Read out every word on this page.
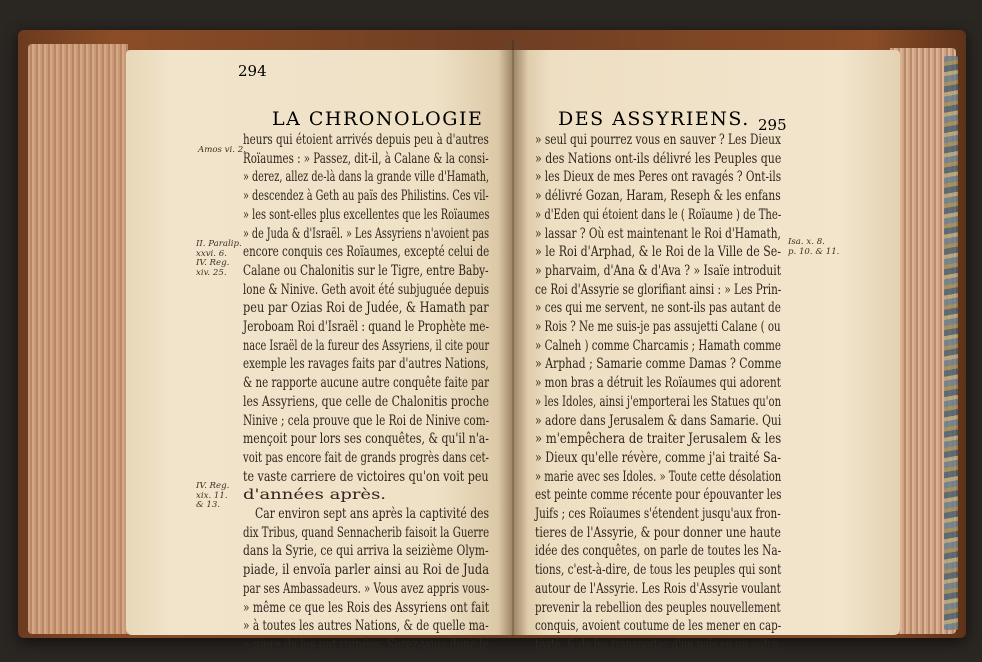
294
LA CHRONOLOGIE	DES ASSYRIENS. 295
Amos vi. 2.
II. Paralip.
xxvi. 6.
IV. Reg.
xiv. 25.
IV. Reg.
xix. 11.
& 13.
Isa. x. 8.
p. 10. & 11.
heurs qui étoient arrivés depuis peu à d'autres
Roïaumes : » Passez, dit-il, à Calane & la consi-
» derez, allez de-là dans la grande ville d'Hamath,
» descendez à Geth au païs des Philistins. Ces vil-
» les sont-elles plus excellentes que les Roïaumes
» de Juda & d'Israël. » Les Assyriens n'avoient pas
encore conquis ces Roïaumes, excepté celui de
Calane ou Chalonitis sur le Tigre, entre Baby-
lone & Ninive. Geth avoit été subjuguée depuis
peu par Ozias Roi de Judée, & Hamath par
Jeroboam Roi d'Israël : quand le Prophète me-
nace Israël de la fureur des Assyriens, il cite pour
exemple les ravages faits par d'autres Nations,
& ne rapporte aucune autre conquête faite par
les Assyriens, que celle de Chalonitis proche
Ninive ; cela prouve que le Roi de Ninive com-
mençoit pour lors ses conquêtes, & qu'il n'a-
voit pas encore fait de grands progrès dans cet-
te vaste carriere de victoires qu'on voit peu
d'années après.
Car environ sept ans après la captivité des
dix Tribus, quand Sennacherib faisoit la Guerre
dans la Syrie, ce qui arriva la seizième Olym-
piade, il envoïa parler ainsi au Roi de Juda
par ses Ambassadeurs. » Vous avez appris vous-
» même ce que les Rois des Assyriens ont fait
» à toutes les autres Nations, & de quelle ma-
» niere ils les ont ruinées. Serez-vous donc le
» seul qui pourrez vous en sauver ? Les Dieux
» des Nations ont-ils délivré les Peuples que
» les Dieux de mes Peres ont ravagés ? Ont-ils
» délivré Gozan, Haram, Reseph & les enfans
» d'Eden qui étoient dans le ( Roïaume ) de The-
» lassar ? Où est maintenant le Roi d'Hamath,
» le Roi d'Arphad, & le Roi de la Ville de Se-
» pharvaim, d'Ana & d'Ava ? » Isaïe introduit
ce Roi d'Assyrie se glorifiant ainsi : » Les Prin-
» ces qui me servent, ne sont-ils pas autant de
» Rois ? Ne me suis-je pas assujetti Calane ( ou
» Calneh ) comme Charcamis ; Hamath comme
» Arphad ; Samarie comme Damas ? Comme
» mon bras a détruit les Roïaumes qui adorent
» les Idoles, ainsi j'emporterai les Statues qu'on
» adore dans Jerusalem & dans Samarie. Qui
» m'empêchera de traiter Jerusalem & les
» Dieux qu'elle révère, comme j'ai traité Sa-
» marie avec ses Idoles. » Toute cette désolation
est peinte comme récente pour épouvanter les
Juifs ; ces Roïaumes s'étendent jusqu'aux fron-
tieres de l'Assyrie, & pour donner une haute
idée des conquêtes, on parle de toutes les Na-
tions, c'est-à-dire, de tous les peuples qui sont
autour de l'Assyrie. Les Rois d'Assyrie voulant
prevenir la rebellion des peuples nouvellement
conquis, avoient coutume de les mener en cap-
tivité, & de les transporter d'un païs en un autre,
